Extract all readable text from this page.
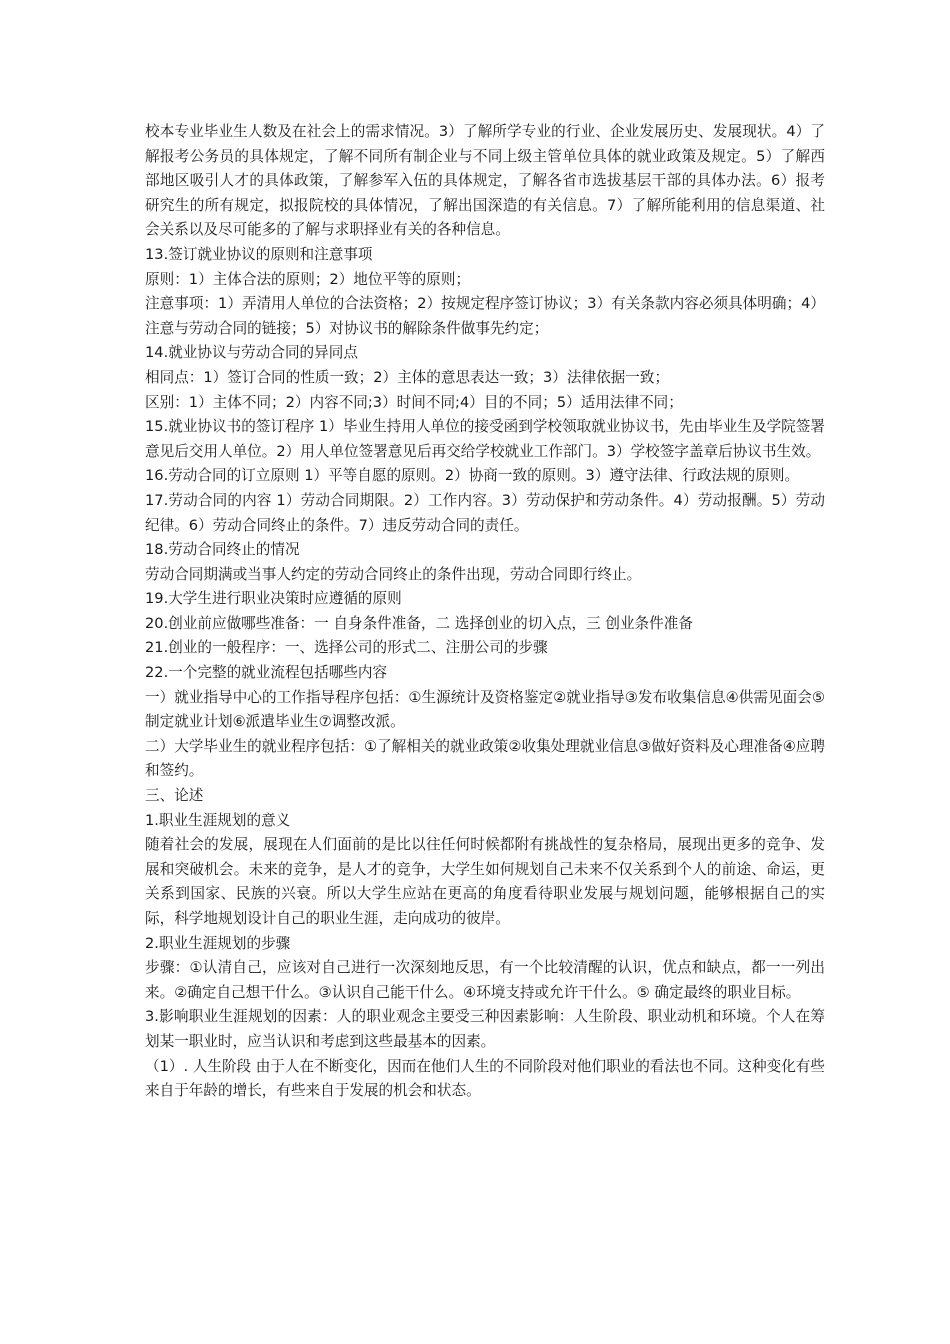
校本专业毕业生人数及在社会上的需求情况。3）了解所学专业的行业、企业发展历史、发展现状。4）了解报考公务员的具体规定，了解不同所有制企业与不同上级主管单位具体的就业政策及规定。5）了解西部地区吸引人才的具体政策，了解参军入伍的具体规定，了解各省市选拔基层干部的具体办法。6）报考研究生的所有规定，拟报院校的具体情况，了解出国深造的有关信息。7）了解所能利用的信息渠道、社会关系以及尽可能多的了解与求职择业有关的各种信息。

13.签订就业协议的原则和注意事项

原则：1）主体合法的原则；2）地位平等的原则；

注意事项：1）弄清用人单位的合法资格；2）按规定程序签订协议；3）有关条款内容必须具体明确；4）注意与劳动合同的链接；5）对协议书的解除条件做事先约定；

14.就业协议与劳动合同的异同点

相同点：1）签订合同的性质一致；2）主体的意思表达一致；3）法律依据一致；

区别：1）主体不同；2）内容不同;3）时间不同;4）目的不同；5）适用法律不同；

15.就业协议书的签订程序 1）毕业生持用人单位的接受函到学校领取就业协议书，先由毕业生及学院签署意见后交用人单位。2）用人单位签署意见后再交给学校就业工作部门。3）学校签字盖章后协议书生效。

16.劳动合同的订立原则 1）平等自愿的原则。2）协商一致的原则。3）遵守法律、行政法规的原则。

17.劳动合同的内容 1）劳动合同期限。2）工作内容。3）劳动保护和劳动条件。4）劳动报酬。5）劳动纪律。6）劳动合同终止的条件。7）违反劳动合同的责任。

18.劳动合同终止的情况

劳动合同期满或当事人约定的劳动合同终止的条件出现，劳动合同即行终止。

19.大学生进行职业决策时应遵循的原则

20.创业前应做哪些准备：一 自身条件准备，二 选择创业的切入点，三 创业条件准备

21.创业的一般程序：一、选择公司的形式二、注册公司的步骤

22.一个完整的就业流程包括哪些内容

一）就业指导中心的工作指导程序包括：①生源统计及资格鉴定②就业指导③发布收集信息④供需见面会⑤制定就业计划⑥派遣毕业生⑦调整改派。

二）大学毕业生的就业程序包括：①了解相关的就业政策②收集处理就业信息③做好资料及心理准备④应聘和签约。

三、论述

1.职业生涯规划的意义

随着社会的发展，展现在人们面前的是比以往任何时候都附有挑战性的复杂格局，展现出更多的竞争、发展和突破机会。未来的竞争，是人才的竞争，大学生如何规划自己未来不仅关系到个人的前途、命运，更关系到国家、民族的兴衰。所以大学生应站在更高的角度看待职业发展与规划问题，能够根据自己的实际，科学地规划设计自己的职业生涯，走向成功的彼岸。

2.职业生涯规划的步骤

步骤：①认清自己，应该对自己进行一次深刻地反思，有一个比较清醒的认识，优点和缺点，都一一列出来。②确定自己想干什么。③认识自己能干什么。④环境支持或允许干什么。⑤ 确定最终的职业目标。

3.影响职业生涯规划的因素：人的职业观念主要受三种因素影响：人生阶段、职业动机和环境。个人在筹划某一职业时，应当认识和考虑到这些最基本的因素。

（1）. 人生阶段 由于人在不断变化，因而在他们人生的不同阶段对他们职业的看法也不同。这种变化有些来自于年龄的增长，有些来自于发展的机会和状态。
